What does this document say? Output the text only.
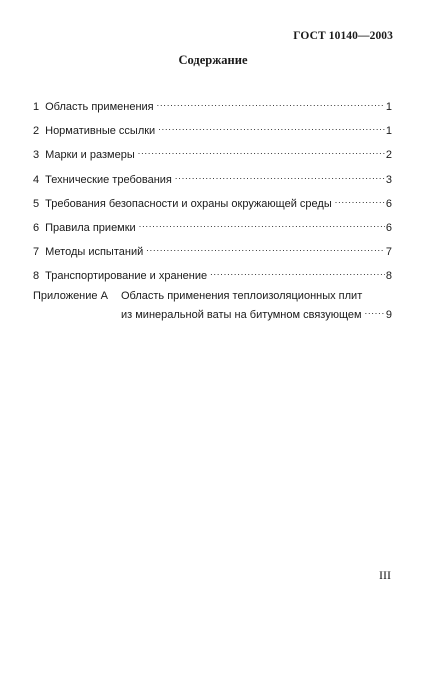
ГОСТ 10140—2003
Содержание
1 Область применения .....	1
2 Нормативные ссылки .....	1
3 Марки и размеры .....	2
4 Технические требования .....	3
5 Требования безопасности и охраны окружающей среды .....	6
6 Правила приемки .....	6
7 Методы испытаний .....	7
8 Транспортирование и хранение .....	8
Приложение А	Область применения теплоизоляционных плит
из минеральной ваты на битумном связующем ..... 9
III
